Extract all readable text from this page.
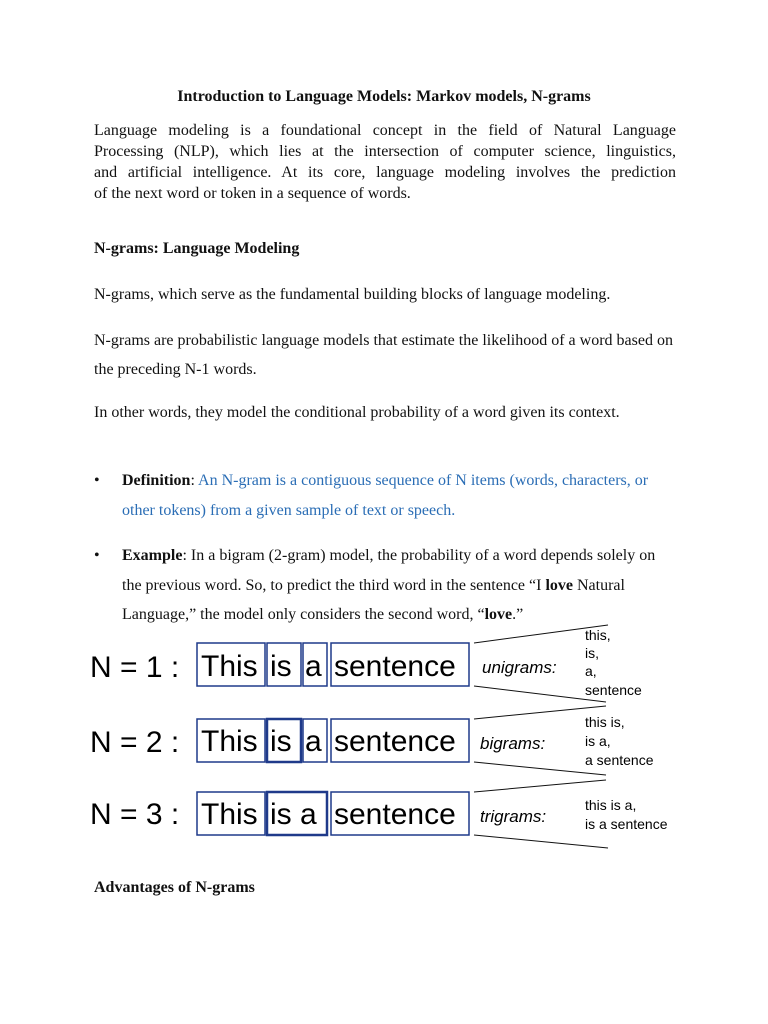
Introduction to Language Models: Markov models, N-grams
Language modeling is a foundational concept in the field of Natural Language
Processing (NLP), which lies at the intersection of computer science, linguistics,
and artificial intelligence. At its core, language modeling involves the prediction
of the next word or token in a sequence of words.
N-grams: Language Modeling
N-grams, which serve as the fundamental building blocks of language modeling.
N-grams are probabilistic language models that estimate the likelihood of a word based on the preceding N-1 words.
In other words, they model the conditional probability of a word given its context.
• Definition: An N-gram is a contiguous sequence of N items (words, characters, or other tokens) from a given sample of text or speech.
• Example: In a bigram (2-gram) model, the probability of a word depends solely on the previous word. So, to predict the third word in the sentence “I love Natural Language,” the model only considers the second word, “love.”
N = 1 : This is a sentence unigrams:
this,
is,
a,
sentence
N = 2 : This is a sentence bigrams:
this is,
is a,
a sentence
N = 3 : This is a sentence trigrams:
this is a,
is a sentence
Advantages of N-grams
